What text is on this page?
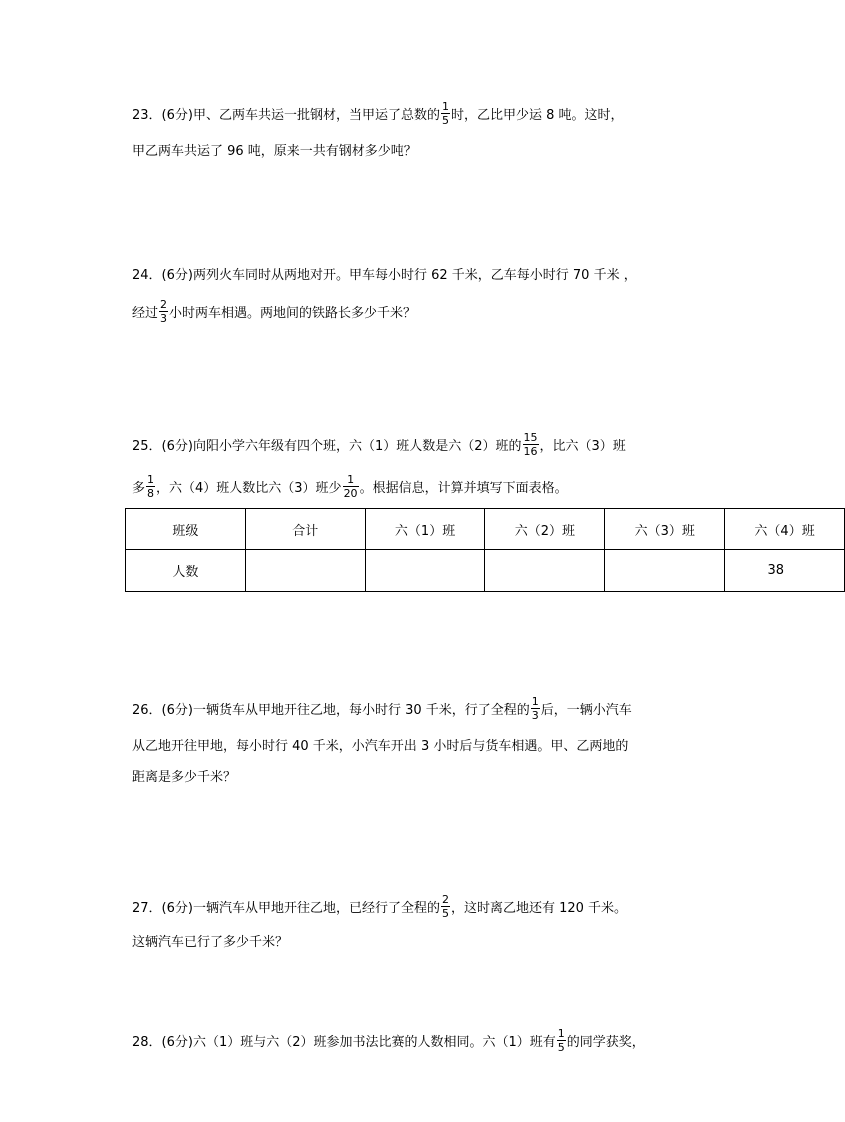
23．(6分)甲、乙两车共运一批钢材，当甲运了总数的 $\frac{1}{5}$ 时，乙比甲少运 8 吨。这时，
甲乙两车共运了 96 吨，原来一共有钢材多少吨？
24．(6分)两列火车同时从两地对开。甲车每小时行 62 千米，乙车每小时行 70 千米 ，
经过 $\frac{2}{3}$ 小时两车相遇。两地间的铁路长多少千米？
25．(6分)向阳小学六年级有四个班，六（1）班人数是六（2）班的 $\frac{15}{16}$ ，比六（3）班
多 $\frac{1}{8}$ ，六（4）班人数比六（3）班少 $\frac{1}{20}$ 。根据信息，计算并填写下面表格。
班级	合计	六（1）班	六（2）班	六（3）班	六（4）班
人数					38
26．(6分)一辆货车从甲地开往乙地，每小时行 30 千米，行了全程的 $\frac{1}{3}$ 后，一辆小汽车
从乙地开往甲地，每小时行 40 千米，小汽车开出 3 小时后与货车相遇。甲、乙两地的
距离是多少千米？
27．(6分)一辆汽车从甲地开往乙地，已经行了全程的 $\frac{2}{5}$ ，这时离乙地还有 120 千米。
这辆汽车已行了多少千米？
28．(6分)六（1）班与六（2）班参加书法比赛的人数相同。六（1）班有 $\frac{1}{5}$ 的同学获奖，
